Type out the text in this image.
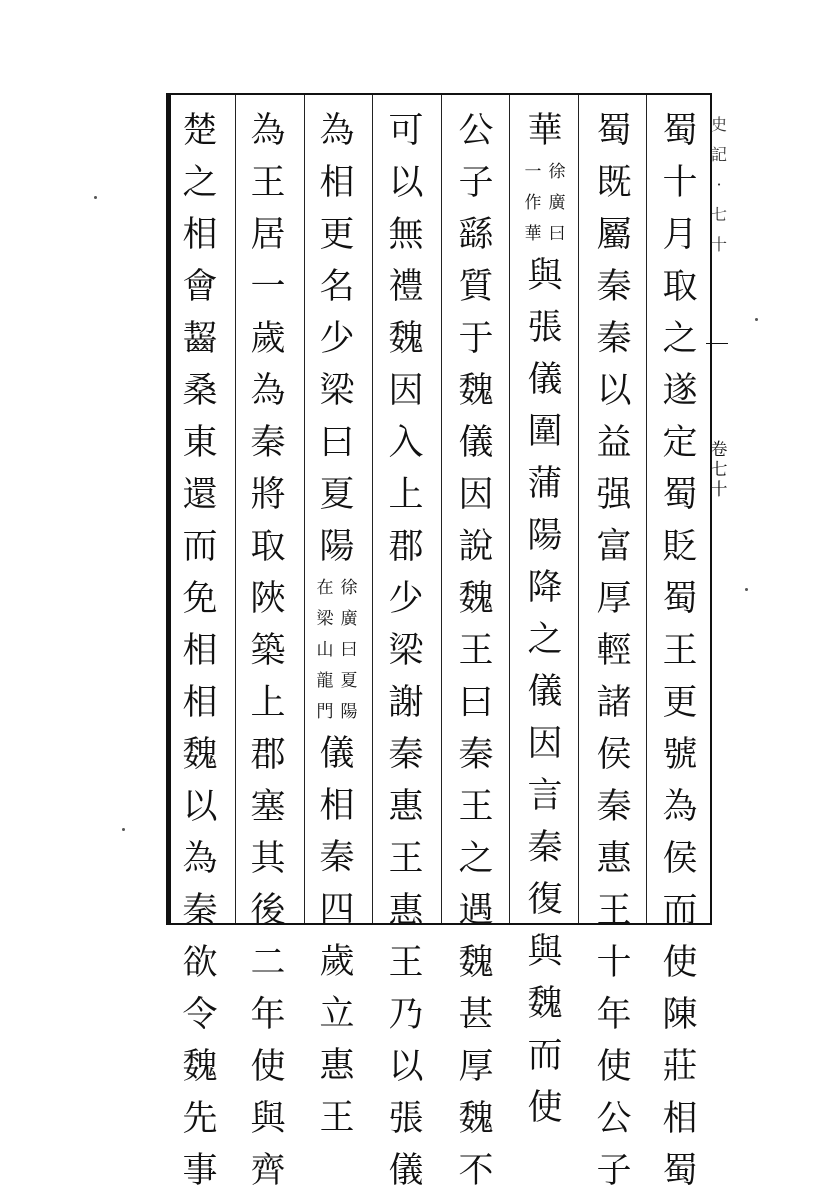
史
記
·
七
十
卷
七
十
蜀
十
月
取
之
遂
定
蜀
貶
蜀
王
更
號
為
侯
而
使
陳
莊
相
蜀
蜀
既
屬
秦
秦
以
益
强
富
厚
輕
諸
侯
秦
惠
王
十
年
使
公
子
華
徐
廣
曰
一
作
華
與
張
儀
圍
蒲
陽
降
之
儀
因
言
秦
復
與
魏
而
使
公
子
繇
質
于
魏
儀
因
說
魏
王
曰
秦
王
之
遇
魏
甚
厚
魏
不
可
以
無
禮
魏
因
入
上
郡
少
梁
謝
秦
惠
王
惠
王
乃
以
張
儀
為
相
更
名
少
梁
曰
夏
陽
徐
廣
曰
夏
陽
在
梁
山
龍
門
儀
相
秦
四
歲
立
惠
王
為
王
居
一
歲
為
秦
將
取
陜
築
上
郡
塞
其
後
二
年
使
與
齊
楚
之
相
會
齧
桑
東
還
而
免
相
相
魏
以
為
秦
欲
令
魏
先
事
